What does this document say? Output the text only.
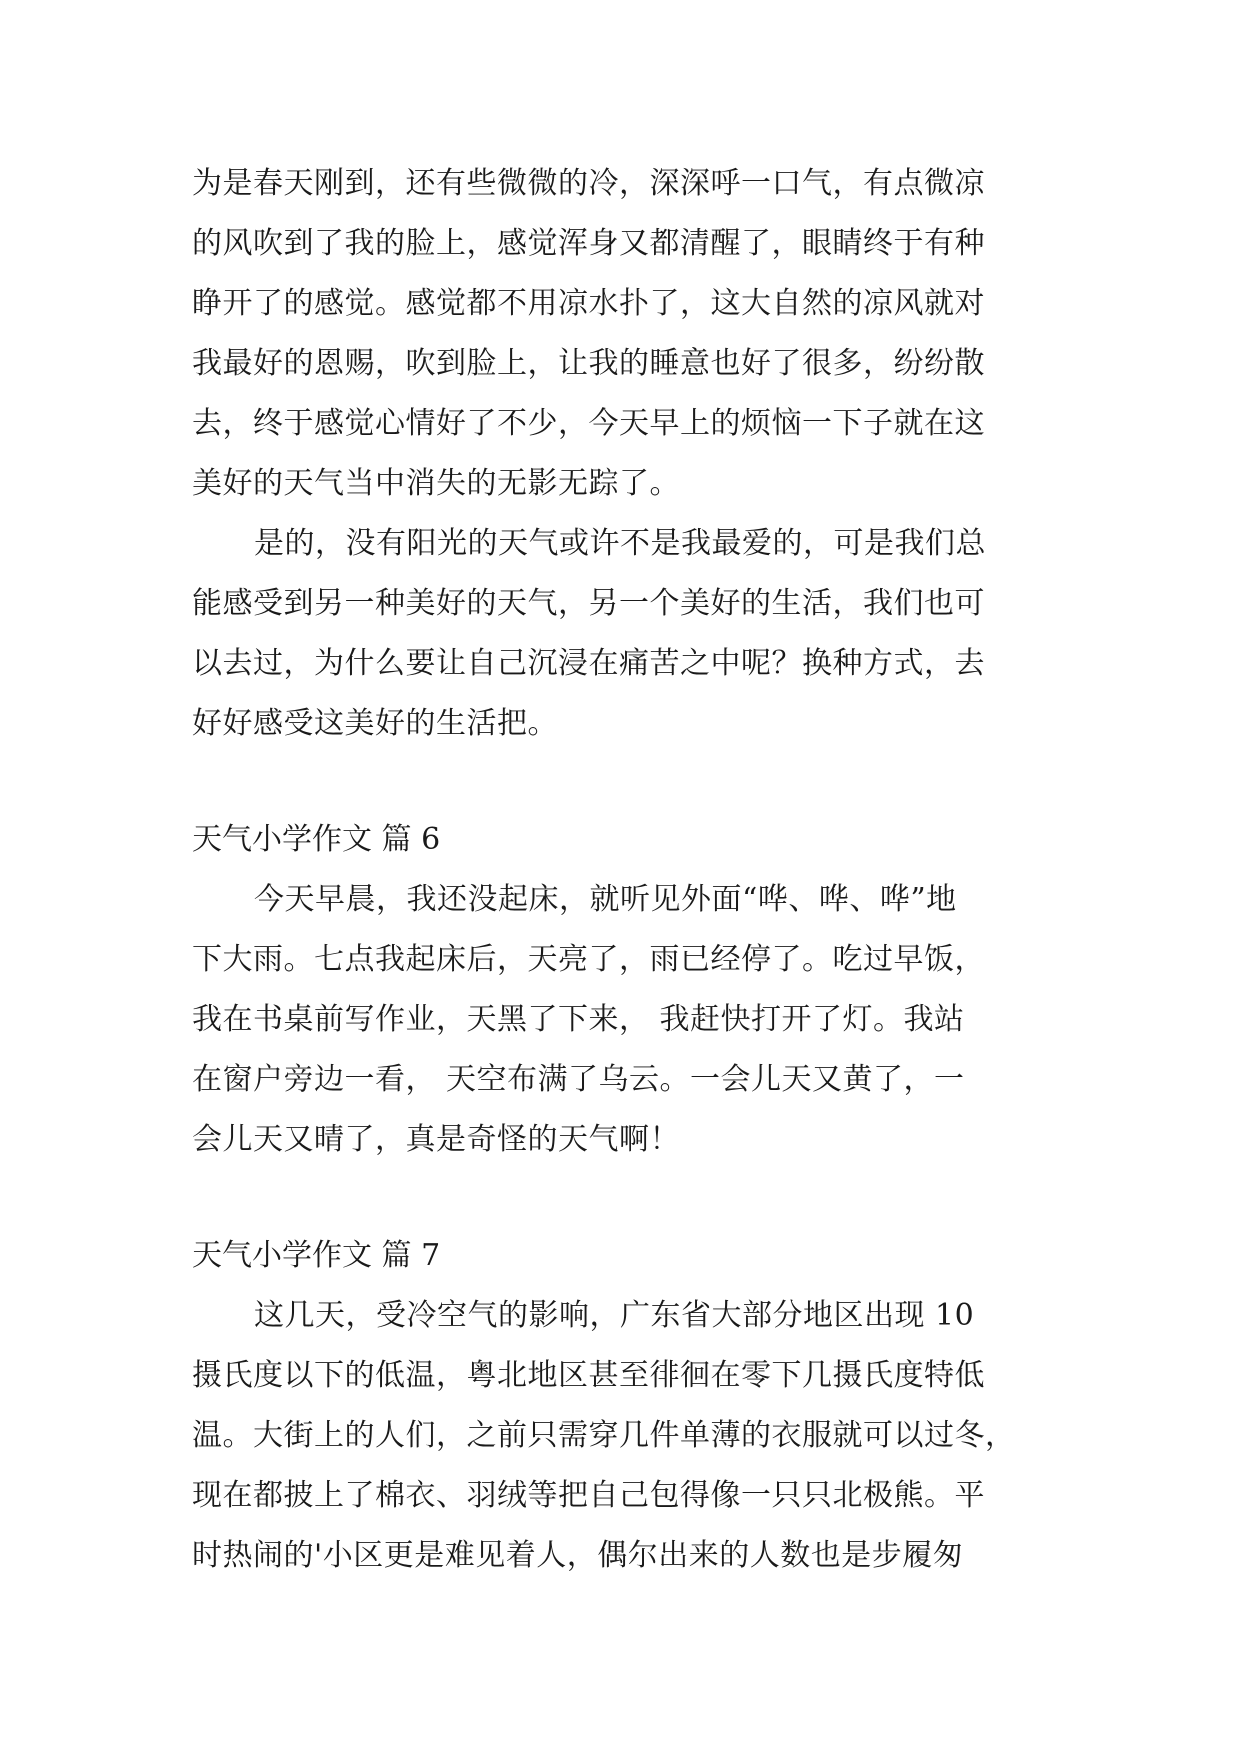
为是春天刚到，还有些微微的冷，深深呼一口气，有点微凉
的风吹到了我的脸上，感觉浑身又都清醒了，眼睛终于有种
睁开了的感觉。感觉都不用凉水扑了，这大自然的凉风就对
我最好的恩赐，吹到脸上，让我的睡意也好了很多，纷纷散
去，终于感觉心情好了不少，今天早上的烦恼一下子就在这
美好的天气当中消失的无影无踪了。
是的，没有阳光的天气或许不是我最爱的，可是我们总
能感受到另一种美好的天气，另一个美好的生活，我们也可
以去过，为什么要让自己沉浸在痛苦之中呢？换种方式，去
好好感受这美好的生活把。
天气小学作文 篇 6
今天早晨，我还没起床，就听见外面“哗、哗、哗”地
下大雨。七点我起床后，天亮了，雨已经停了。吃过早饭，
我在书桌前写作业，天黑了下来， 我赶快打开了灯。我站
在窗户旁边一看， 天空布满了乌云。一会儿天又黄了，一
会儿天又晴了，真是奇怪的天气啊！
天气小学作文 篇 7
这几天，受冷空气的影响，广东省大部分地区出现 10
摄氏度以下的低温，粤北地区甚至徘徊在零下几摄氏度特低
温。大街上的人们，之前只需穿几件单薄的衣服就可以过冬，
现在都披上了棉衣、羽绒等把自己包得像一只只北极熊。平
时热闹的'小区更是难见着人，偶尔出来的人数也是步履匆
